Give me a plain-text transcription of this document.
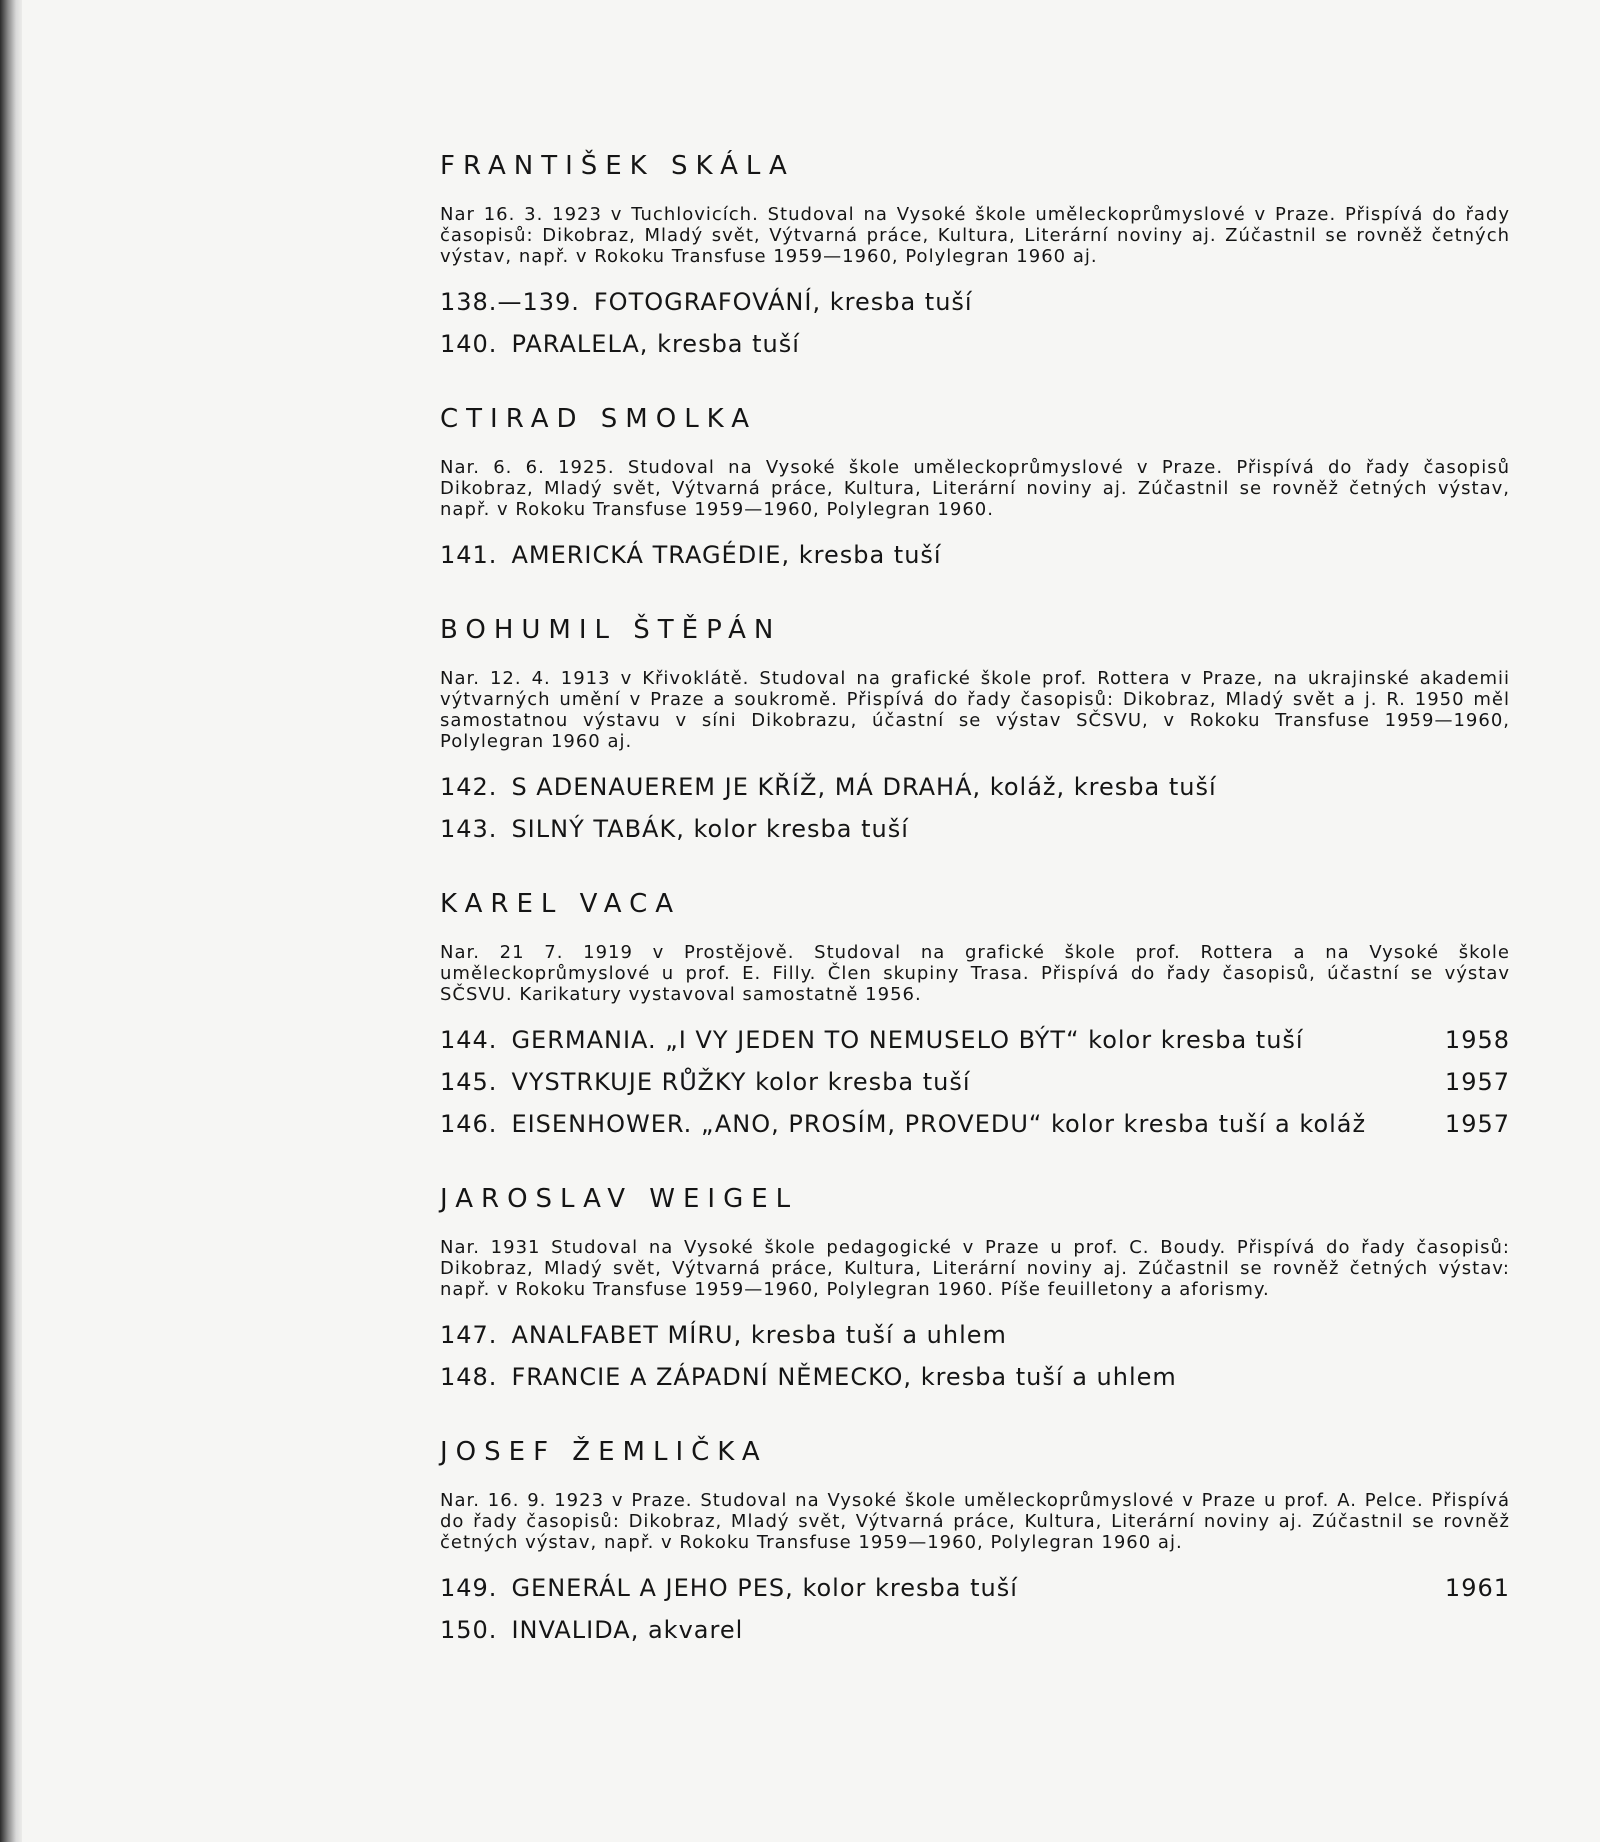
FRANTIŠEK SKÁLA

Nar 16. 3. 1923 v Tuchlovicích. Studoval na Vysoké škole uměleckoprůmyslové v Praze. Přispívá do řady časopisů: Dikobraz, Mladý svět, Výtvarná práce, Kultura, Literární noviny aj. Zúčastnil se rovněž četných výstav, např. v Rokoku Transfuse 1959—1960, Polylegran 1960 aj.

138.—139. FOTOGRAFOVÁNÍ, kresba tuší
140. PARALELA, kresba tuší
CTIRAD SMOLKA

Nar. 6. 6. 1925. Studoval na Vysoké škole uměleckoprůmyslové v Praze. Přispívá do řady časopisů Dikobraz, Mladý svět, Výtvarná práce, Kultura, Literární noviny aj. Zúčastnil se rovněž četných výstav, např. v Rokoku Transfuse 1959—1960, Polylegran 1960.

141. AMERICKÁ TRAGÉDIE, kresba tuší
BOHUMIL ŠTĚPÁN

Nar. 12. 4. 1913 v Křivoklátě. Studoval na grafické škole prof. Rottera v Praze, na ukrajinské akademii výtvarných umění v Praze a soukromě. Přispívá do řady časopisů: Dikobraz, Mladý svět a j. R. 1950 měl samostatnou výstavu v síni Dikobrazu, účastní se výstav SČSVU, v Rokoku Transfuse 1959—1960, Polylegran 1960 aj.

142. S ADENAUEREM JE KŘÍŽ, MÁ DRAHÁ, koláž, kresba tuší
143. SILNÝ TABÁK, kolor kresba tuší
KAREL VACA

Nar. 21 7. 1919 v Prostějově. Studoval na grafické škole prof. Rottera a na Vysoké škole uměleckoprůmyslové u prof. E. Filly. Člen skupiny Trasa. Přispívá do řady časopisů, účastní se výstav SČSVU. Karikatury vystavoval samostatně 1956.

144. GERMANIA. „I VY JEDEN TO NEMUSELO BÝT“ kolor kresba tuší	1958
145. VYSTRKUJE RŮŽKY kolor kresba tuší	1957
146. EISENHOWER. „ANO, PROSÍM, PROVEDU“ kolor kresba tuší a koláž	1957
JAROSLAV WEIGEL

Nar. 1931 Studoval na Vysoké škole pedagogické v Praze u prof. C. Boudy. Přispívá do řady časopisů: Dikobraz, Mladý svět, Výtvarná práce, Kultura, Literární noviny aj. Zúčastnil se rovněž četných výstav: např. v Rokoku Transfuse 1959—1960, Polylegran 1960. Píše feuilletony a aforismy.

147. ANALFABET MÍRU, kresba tuší a uhlem
148. FRANCIE A ZÁPADNÍ NĚMECKO, kresba tuší a uhlem
JOSEF ŽEMLIČKA

Nar. 16. 9. 1923 v Praze. Studoval na Vysoké škole uměleckoprůmyslové v Praze u prof. A. Pelce. Přispívá do řady časopisů: Dikobraz, Mladý svět, Výtvarná práce, Kultura, Literární noviny aj. Zúčastnil se rovněž četných výstav, např. v Rokoku Transfuse 1959—1960, Polylegran 1960 aj.

149. GENERÁL A JEHO PES, kolor kresba tuší	1961
150. INVALIDA, akvarel
